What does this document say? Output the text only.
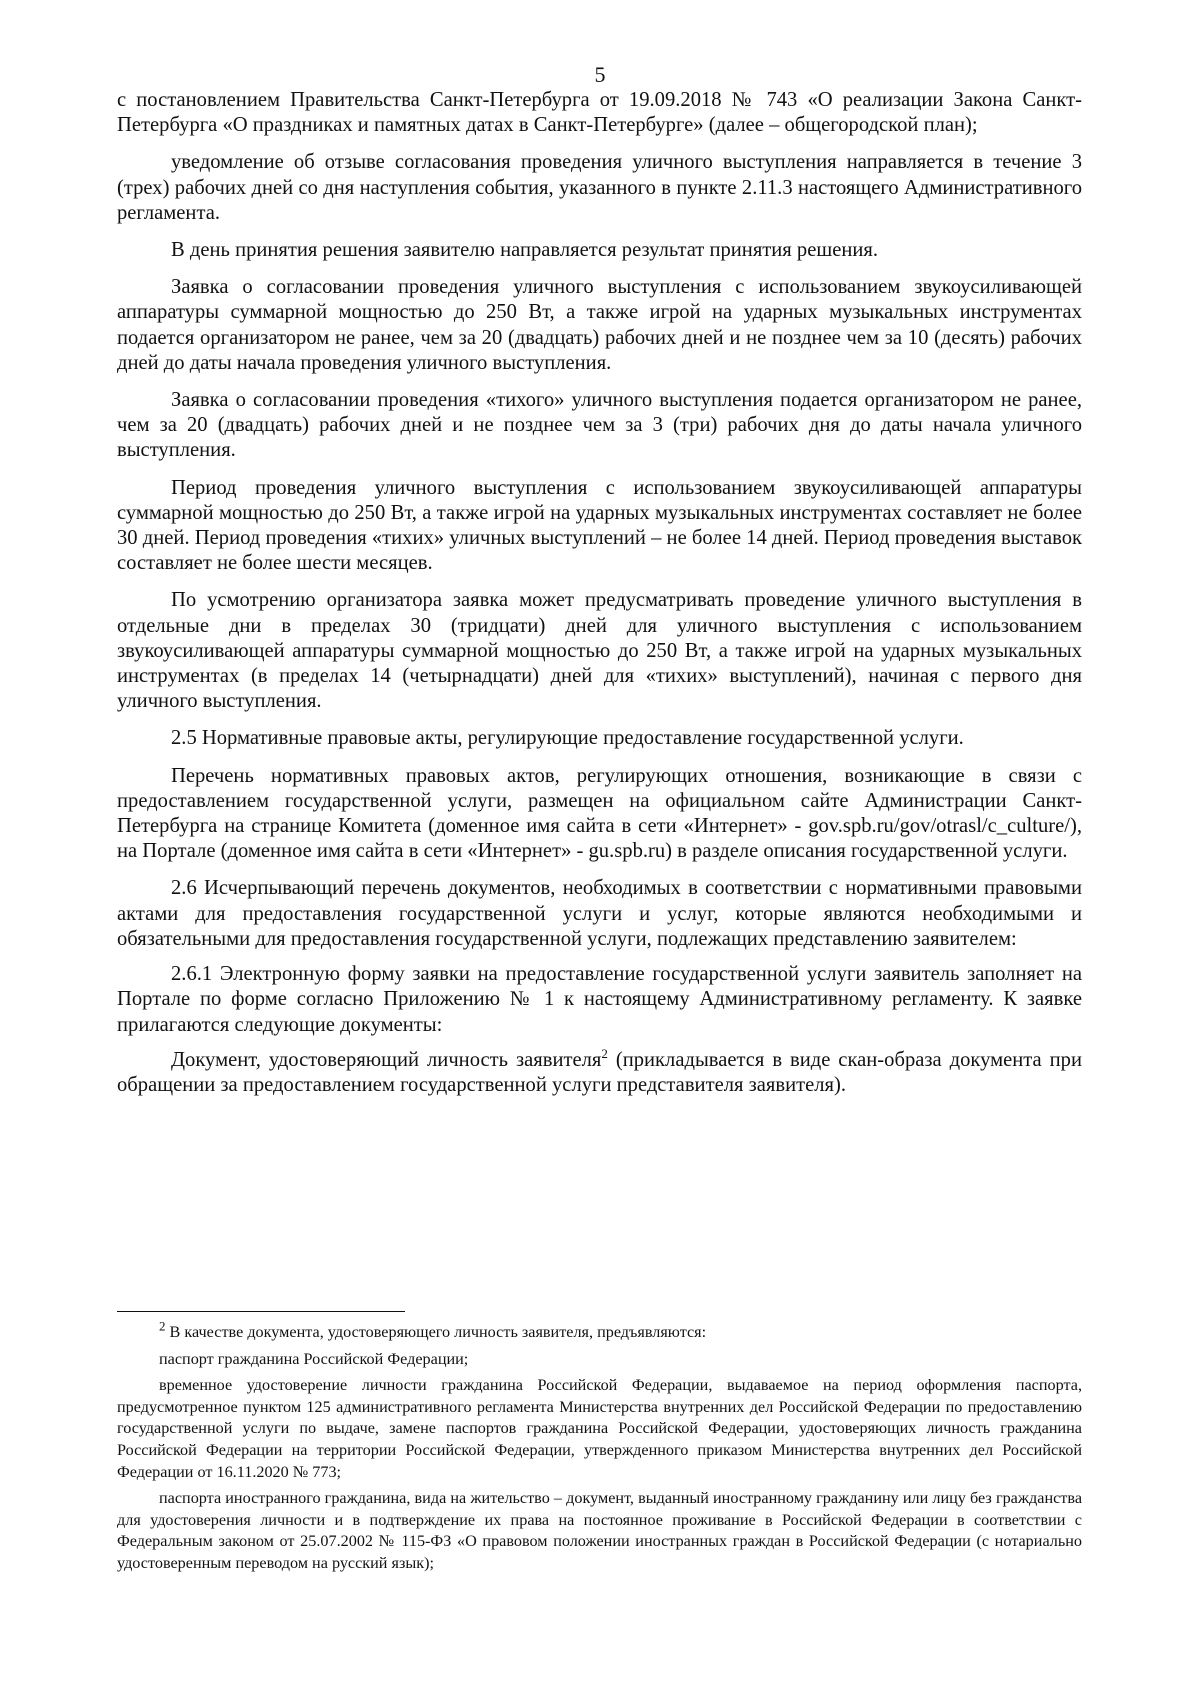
5

с постановлением Правительства Санкт-Петербурга от 19.09.2018 № 743 «О реализации Закона Санкт-Петербурга «О праздниках и памятных датах в Санкт-Петербурге» (далее – общегородской план);

уведомление об отзыве согласования проведения уличного выступления направляется в течение 3 (трех) рабочих дней со дня наступления события, указанного в пункте 2.11.3 настоящего Административного регламента.

В день принятия решения заявителю направляется результат принятия решения.

Заявка о согласовании проведения уличного выступления с использованием звукоусиливающей аппаратуры суммарной мощностью до 250 Вт, а также игрой на ударных музыкальных инструментах подается организатором не ранее, чем за 20 (двадцать) рабочих дней и не позднее чем за 10 (десять) рабочих дней до даты начала проведения уличного выступления.

Заявка о согласовании проведения «тихого» уличного выступления подается организатором не ранее, чем за 20 (двадцать) рабочих дней и не позднее чем за 3 (три) рабочих дня до даты начала уличного выступления.

Период проведения уличного выступления с использованием звукоусиливающей аппаратуры суммарной мощностью до 250 Вт, а также игрой на ударных музыкальных инструментах составляет не более 30 дней. Период проведения «тихих» уличных выступлений – не более 14 дней. Период проведения выставок составляет не более шести месяцев.

По усмотрению организатора заявка может предусматривать проведение уличного выступления в отдельные дни в пределах 30 (тридцати) дней для уличного выступления с использованием звукоусиливающей аппаратуры суммарной мощностью до 250 Вт, а также игрой на ударных музыкальных инструментах (в пределах 14 (четырнадцати) дней для «тихих» выступлений), начиная с первого дня уличного выступления.

2.5 Нормативные правовые акты, регулирующие предоставление государственной услуги.

Перечень нормативных правовых актов, регулирующих отношения, возникающие в связи с предоставлением государственной услуги, размещен на официальном сайте Администрации Санкт-Петербурга на странице Комитета (доменное имя сайта в сети «Интернет» - gov.spb.ru/gov/otrasl/c_culture/), на Портале (доменное имя сайта в сети «Интернет» - gu.spb.ru) в разделе описания государственной услуги.

2.6 Исчерпывающий перечень документов, необходимых в соответствии с нормативными правовыми актами для предоставления государственной услуги и услуг, которые являются необходимыми и обязательными для предоставления государственной услуги, подлежащих представлению заявителем:

2.6.1 Электронную форму заявки на предоставление государственной услуги заявитель заполняет на Портале по форме согласно Приложению № 1 к настоящему Административному регламенту. К заявке прилагаются следующие документы:

Документ, удостоверяющий личность заявителя$^2$ (прикладывается в виде скан-образа документа при обращении за предоставлением государственной услуги представителя заявителя).

$^2$ В качестве документа, удостоверяющего личность заявителя, предъявляются:

паспорт гражданина Российской Федерации;

временное удостоверение личности гражданина Российской Федерации, выдаваемое на период оформления паспорта, предусмотренное пунктом 125 административного регламента Министерства внутренних дел Российской Федерации по предоставлению государственной услуги по выдаче, замене паспортов гражданина Российской Федерации, удостоверяющих личность гражданина Российской Федерации на территории Российской Федерации, утвержденного приказом Министерства внутренних дел Российской Федерации от 16.11.2020 № 773;

паспорта иностранного гражданина, вида на жительство – документ, выданный иностранному гражданину или лицу без гражданства для удостоверения личности и в подтверждение их права на постоянное проживание в Российской Федерации в соответствии с Федеральным законом от 25.07.2002 № 115-ФЗ «О правовом положении иностранных граждан в Российской Федерации (с нотариально удостоверенным переводом на русский язык);
